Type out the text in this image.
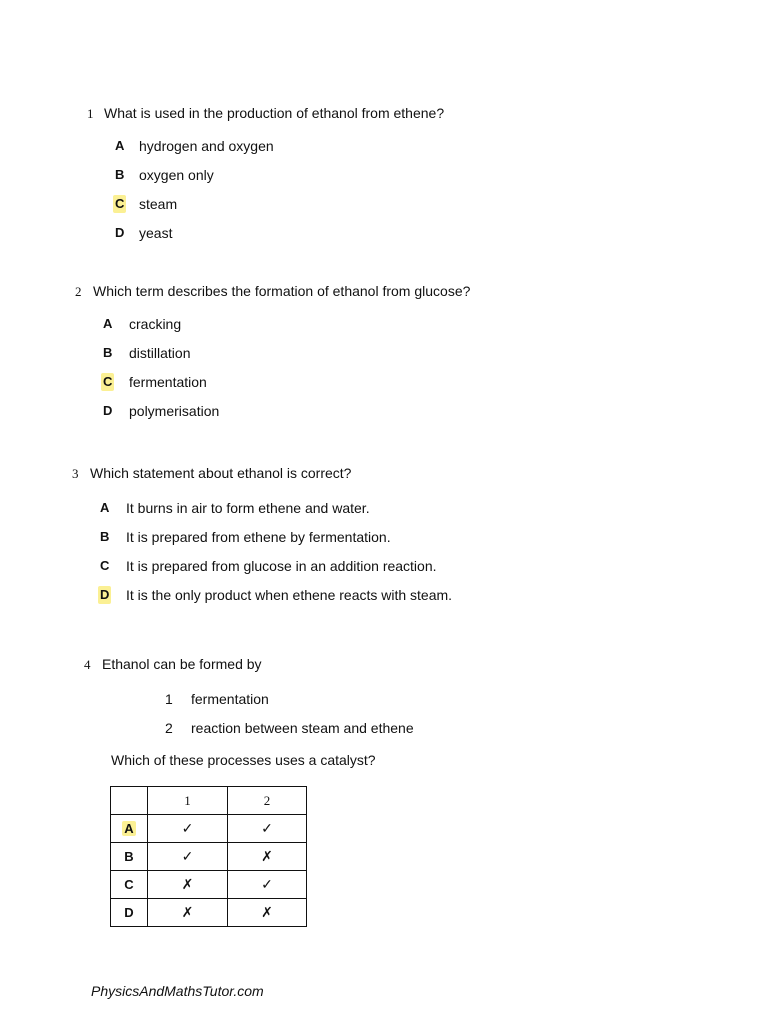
1 What is used in the production of ethanol from ethene?
A hydrogen and oxygen
B oxygen only
C steam
D yeast
2 Which term describes the formation of ethanol from glucose?
A cracking
B distillation
C fermentation
D polymerisation
3 Which statement about ethanol is correct?
A It burns in air to form ethene and water.
B It is prepared from ethene by fermentation.
C It is prepared from glucose in an addition reaction.
D It is the only product when ethene reacts with steam.
4 Ethanol can be formed by
1 fermentation
2 reaction between steam and ethene
Which of these processes uses a catalyst?
	1	2
A	✓	✓
B	✓	✗
C	✗	✓
D	✗	✗
PhysicsAndMathsTutor.com
